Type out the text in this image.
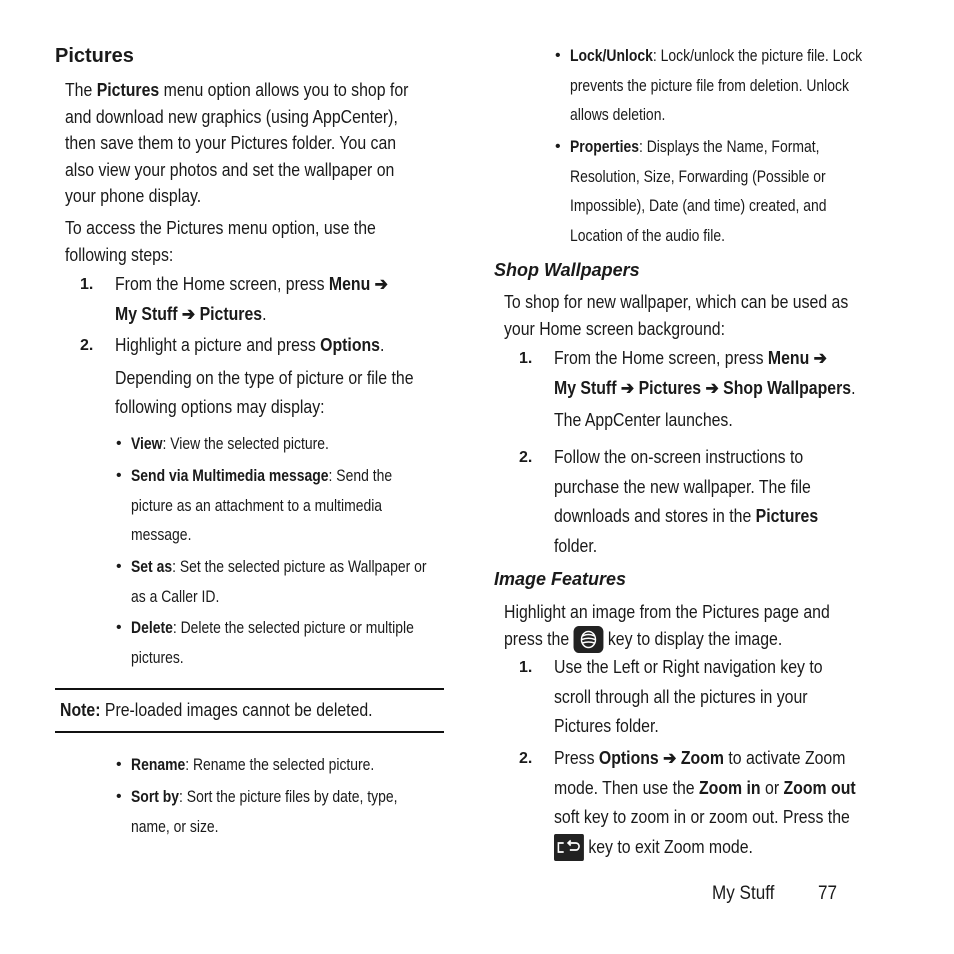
Pictures
The Pictures menu option allows you to shop for
and download new graphics (using AppCenter),
then save them to your Pictures folder. You can
also view your photos and set the wallpaper on
your phone display.
To access the Pictures menu option, use the
following steps:
1. From the Home screen, press Menu ➔
My Stuff ➔ Pictures.
2. Highlight a picture and press Options.
Depending on the type of picture or file the
following options may display:
• View: View the selected picture.
• Send via Multimedia message: Send the
picture as an attachment to a multimedia
message.
• Set as: Set the selected picture as Wallpaper or
as a Caller ID.
• Delete: Delete the selected picture or multiple
pictures.
Note: Pre-loaded images cannot be deleted.
• Rename: Rename the selected picture.
• Sort by: Sort the picture files by date, type,
name, or size.
• Lock/Unlock: Lock/unlock the picture file. Lock
prevents the picture file from deletion. Unlock
allows deletion.
• Properties: Displays the Name, Format,
Resolution, Size, Forwarding (Possible or
Impossible), Date (and time) created, and
Location of the audio file.
Shop Wallpapers
To shop for new wallpaper, which can be used as
your Home screen background:
1. From the Home screen, press Menu ➔
My Stuff ➔ Pictures ➔ Shop Wallpapers.
The AppCenter launches.
2. Follow the on-screen instructions to
purchase the new wallpaper. The file
downloads and stores in the Pictures
folder.
Image Features
Highlight an image from the Pictures page and
press the
key to display the image.
1. Use the Left or Right navigation key to
scroll through all the pictures in your
Pictures folder.
2. Press Options ➔ Zoom to activate Zoom
mode. Then use the Zoom in or Zoom out
soft key to zoom in or zoom out. Press the
key to exit Zoom mode.
My Stuff 77
